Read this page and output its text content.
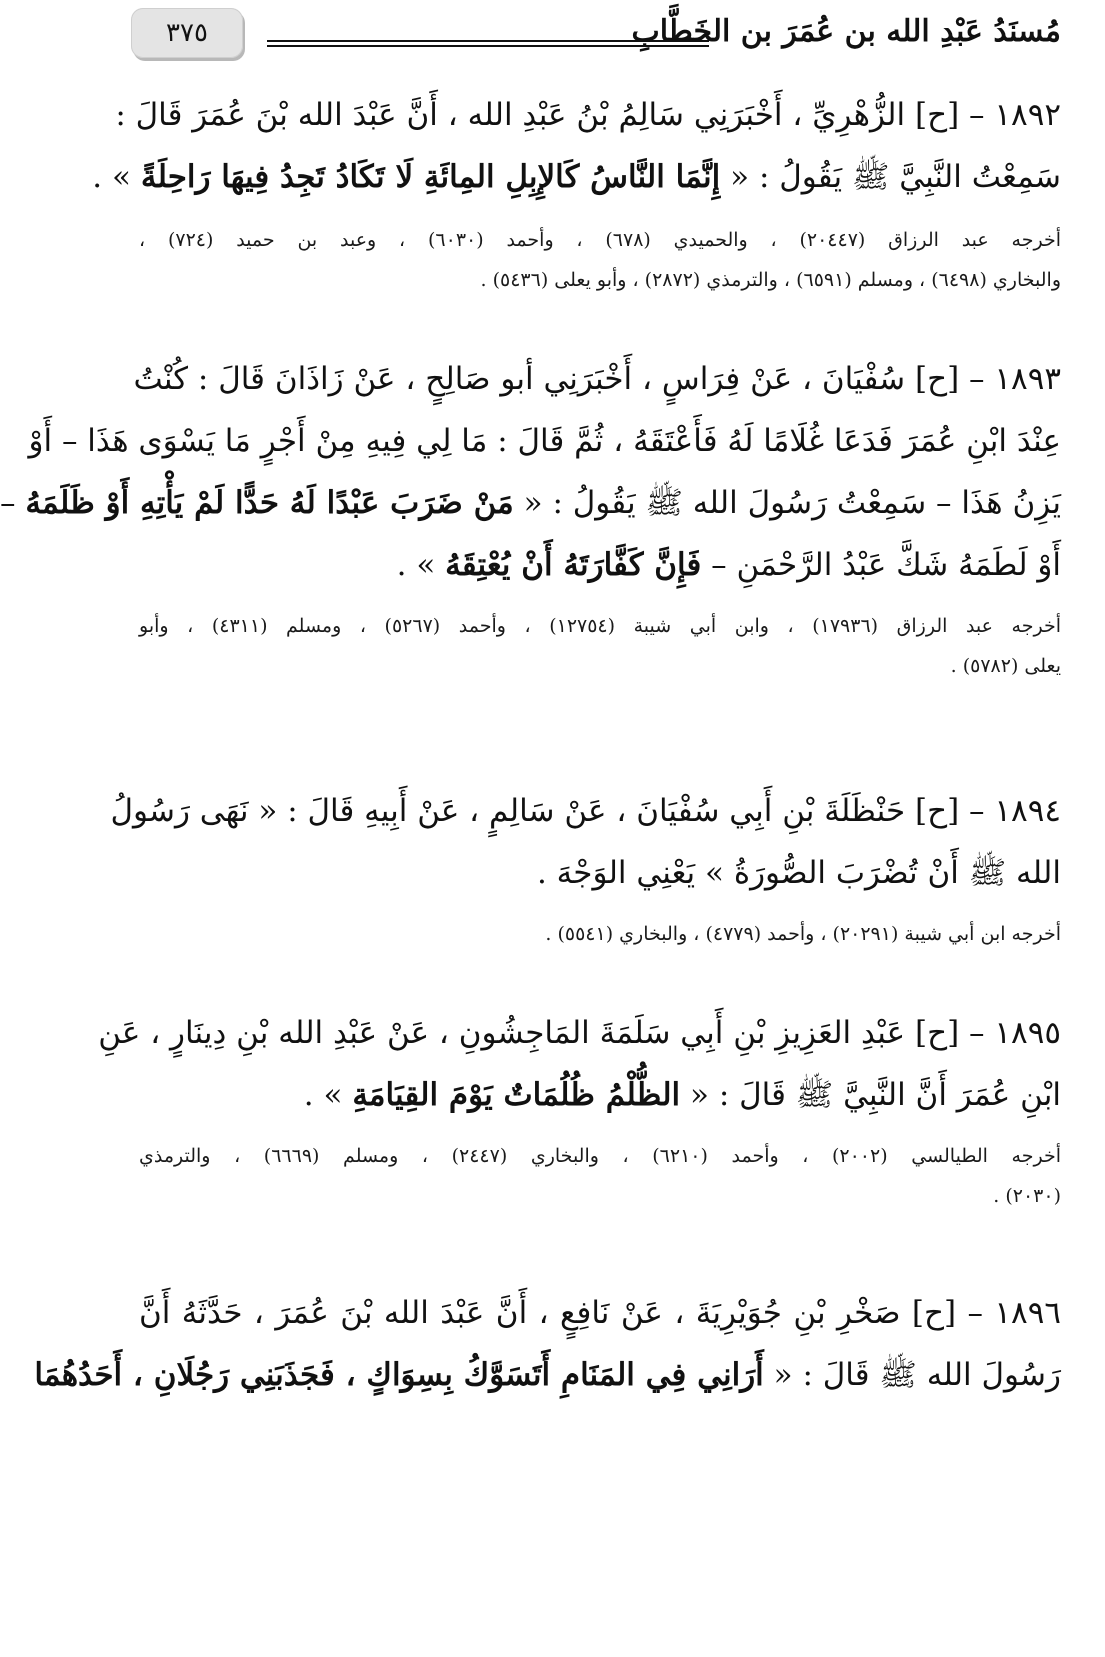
مُسنَدُ عَبْدِ الله بن عُمَرَ بن الخَطَّابِ
٣٧٥
١٨٩٢ – [ح] الزُّهْرِيِّ ، أَخْبَرَنِي سَالِمُ بْنُ عَبْدِ الله ، أَنَّ عَبْدَ الله بْنَ عُمَرَ قَالَ :
سَمِعْتُ النَّبِيَّ ﷺ يَقُولُ : « إِنَّمَا النَّاسُ كَالإِبِلِ المِائَةِ لَا تَكَادُ تَجِدُ فِيهَا رَاحِلَةً » .
أخرجه عبد الرزاق (٢٠٤٤٧) ، والحميدي (٦٧٨) ، وأحمد (٦٠٣٠) ، وعبد بن حميد (٧٢٤) ،
والبخاري (٦٤٩٨) ، ومسلم (٦٥٩١) ، والترمذي (٢٨٧٢) ، وأبو يعلى (٥٤٣٦) .
١٨٩٣ – [ح] سُفْيَانَ ، عَنْ فِرَاسٍ ، أَخْبَرَنِي أبو صَالِحٍ ، عَنْ زَاذَانَ قَالَ : كُنْتُ
عِنْدَ ابْنِ عُمَرَ فَدَعَا غُلَامًا لَهُ فَأَعْتَقَهُ ، ثُمَّ قَالَ : مَا لِي فِيهِ مِنْ أَجْرٍ مَا يَسْوَى هَذَا – أَوْ
يَزِنُ هَذَا – سَمِعْتُ رَسُولَ الله ﷺ يَقُولُ : « مَنْ ضَرَبَ عَبْدًا لَهُ حَدًّا لَمْ يَأْتِهِ أَوْ ظَلَمَهُ –
أَوْ لَطَمَهُ شَكَّ عَبْدُ الرَّحْمَنِ – فَإِنَّ كَفَّارَتَهُ أَنْ يُعْتِقَهُ » .
أخرجه عبد الرزاق (١٧٩٣٦) ، وابن أبي شيبة (١٢٧٥٤) ، وأحمد (٥٢٦٧) ، ومسلم (٤٣١١) ، وأبو
يعلى (٥٧٨٢) .
١٨٩٤ – [ح] حَنْظَلَةَ بْنِ أَبِي سُفْيَانَ ، عَنْ سَالِمٍ ، عَنْ أَبِيهِ قَالَ : « نَهَى رَسُولُ
الله ﷺ أَنْ تُضْرَبَ الصُّورَةُ » يَعْنِي الوَجْهَ .
أخرجه ابن أبي شيبة (٢٠٢٩١) ، وأحمد (٤٧٧٩) ، والبخاري (٥٥٤١) .
١٨٩٥ – [ح] عَبْدِ العَزِيزِ بْنِ أَبِي سَلَمَةَ المَاجِشُونِ ، عَنْ عَبْدِ الله بْنِ دِينَارٍ ، عَنِ
ابْنِ عُمَرَ أَنَّ النَّبِيَّ ﷺ قَالَ : « الظُّلْمُ ظُلُمَاتٌ يَوْمَ القِيَامَةِ » .
أخرجه الطيالسي (٢٠٠٢) ، وأحمد (٦٢١٠) ، والبخاري (٢٤٤٧) ، ومسلم (٦٦٦٩) ، والترمذي
(٢٠٣٠) .
١٨٩٦ – [ح] صَخْرِ بْنِ جُوَيْرِيَةَ ، عَنْ نَافِعٍ ، أَنَّ عَبْدَ الله بْنَ عُمَرَ ، حَدَّثَهُ أَنَّ
رَسُولَ الله ﷺ قَالَ : « أَرَانِي فِي المَنَامِ أَتَسَوَّكُ بِسِوَاكٍ ، فَجَذَبَنِي رَجُلَانِ ، أَحَدُهُمَا
